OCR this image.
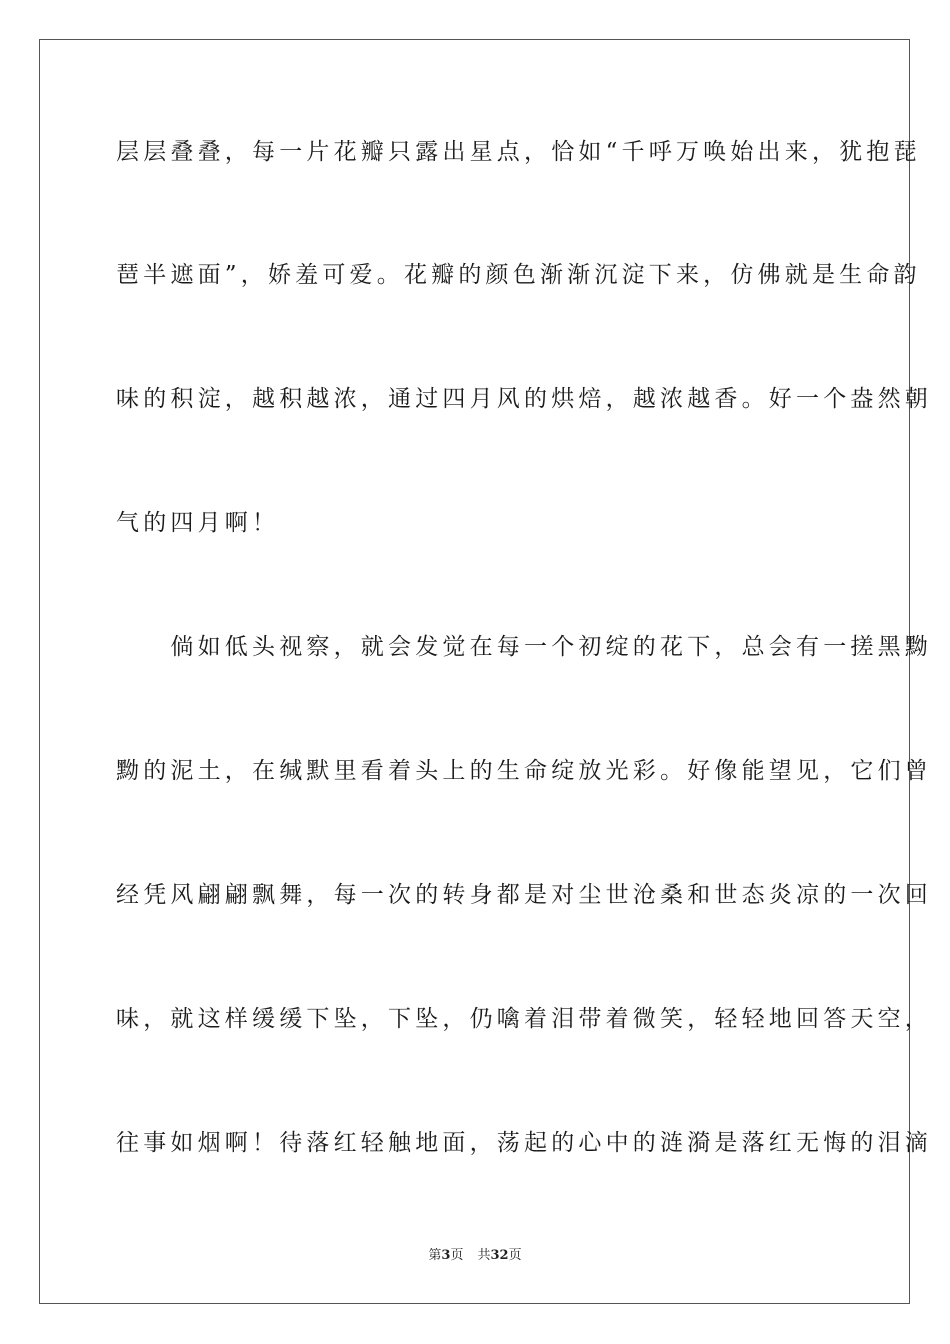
层层叠叠，每一片花瓣只露出星点，恰如“千呼万唤始出来，犹抱琵
琶半遮面”，娇羞可爱。花瓣的颜色渐渐沉淀下来，仿佛就是生命韵
味的积淀，越积越浓，通过四月风的烘焙，越浓越香。好一个盎然朝
气的四月啊！
　　倘如低头视察，就会发觉在每一个初绽的花下，总会有一搓黑黝
黝的泥土，在缄默里看着头上的生命绽放光彩。好像能望见，它们曾
经凭风翩翩飘舞，每一次的转身都是对尘世沧桑和世态炎凉的一次回
味，就这样缓缓下坠，下坠，仍噙着泪带着微笑，轻轻地回答天空，
往事如烟啊！待落红轻触地面，荡起的心中的涟漪是落红无悔的泪滴
第3页 共32页
